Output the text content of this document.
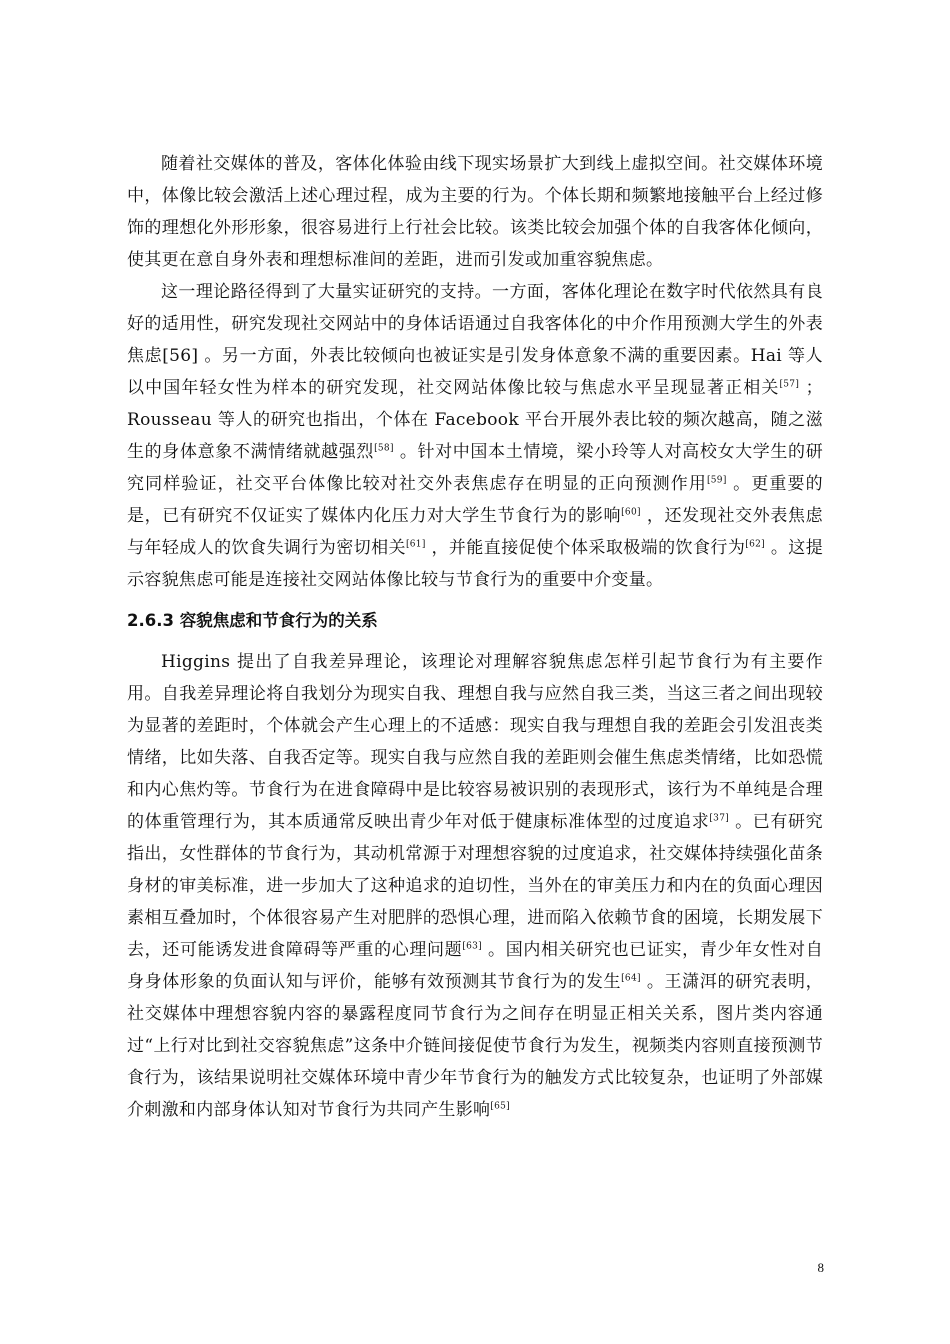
随着社交媒体的普及，客体化体验由线下现实场景扩大到线上虚拟空间。社交媒体环境中，体像比较会激活上述心理过程，成为主要的行为。个体长期和频繁地接触平台上经过修饰的理想化外形形象，很容易进行上行社会比较。该类比较会加强个体的自我客体化倾向，使其更在意自身外表和理想标准间的差距，进而引发或加重容貌焦虑。

这一理论路径得到了大量实证研究的支持。一方面，客体化理论在数字时代依然具有良好的适用性，研究发现社交网站中的身体话语通过自我客体化的中介作用预测大学生的外表焦虑[56] 。另一方面，外表比较倾向也被证实是引发身体意象不满的重要因素。Hai 等人以中国年轻女性为样本的研究发现，社交网站体像比较与焦虑水平呈现显著正相关[57] ；Rousseau 等人的研究也指出，个体在 Facebook 平台开展外表比较的频次越高，随之滋生的身体意象不满情绪就越强烈[58] 。针对中国本土情境，梁小玲等人对高校女大学生的研究同样验证，社交平台体像比较对社交外表焦虑存在明显的正向预测作用[59] 。更重要的是，已有研究不仅证实了媒体内化压力对大学生节食行为的影响[60] ，还发现社交外表焦虑与年轻成人的饮食失调行为密切相关[61] ，并能直接促使个体采取极端的饮食行为[62] 。这提示容貌焦虑可能是连接社交网站体像比较与节食行为的重要中介变量。

2.6.3 容貌焦虑和节食行为的关系

Higgins 提出了自我差异理论，该理论对理解容貌焦虑怎样引起节食行为有主要作用。自我差异理论将自我划分为现实自我、理想自我与应然自我三类，当这三者之间出现较为显著的差距时，个体就会产生心理上的不适感：现实自我与理想自我的差距会引发沮丧类情绪，比如失落、自我否定等。现实自我与应然自我的差距则会催生焦虑类情绪，比如恐慌和内心焦灼等。节食行为在进食障碍中是比较容易被识别的表现形式，该行为不单纯是合理的体重管理行为，其本质通常反映出青少年对低于健康标准体型的过度追求[37] 。已有研究指出，女性群体的节食行为，其动机常源于对理想容貌的过度追求，社交媒体持续强化苗条身材的审美标准，进一步加大了这种追求的迫切性，当外在的审美压力和内在的负面心理因素相互叠加时，个体很容易产生对肥胖的恐惧心理，进而陷入依赖节食的困境，长期发展下去，还可能诱发进食障碍等严重的心理问题[63] 。国内相关研究也已证实，青少年女性对自身身体形象的负面认知与评价，能够有效预测其节食行为的发生[64] 。王潇洱的研究表明，社交媒体中理想容貌内容的暴露程度同节食行为之间存在明显正相关关系，图片类内容通过“上行对比到社交容貌焦虑”这条中介链间接促使节食行为发生，视频类内容则直接预测节食行为，该结果说明社交媒体环境中青少年节食行为的触发方式比较复杂，也证明了外部媒介刺激和内部身体认知对节食行为共同产生影响[65]

8
